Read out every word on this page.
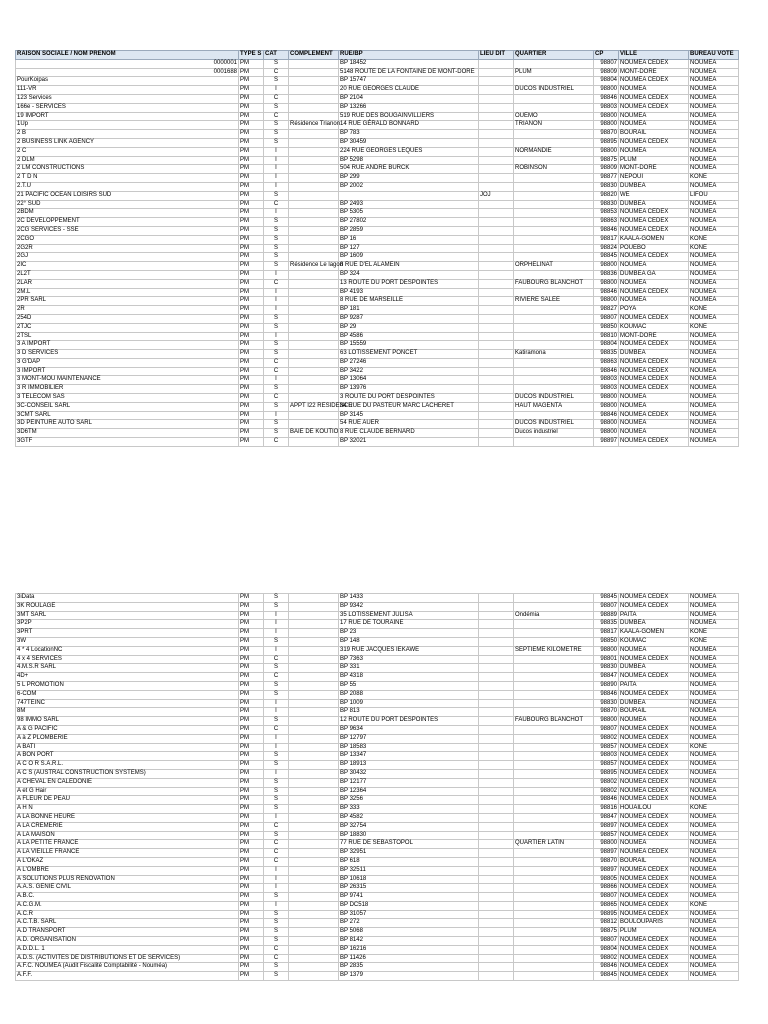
RAISON SOCIALE / NOM PRENOM	TYPE S	CAT	COMPLEMENT	RUE/BP	LIEU DIT	QUARTIER	CP	VILLE	BUREAU VOTE
0000001	PM	S		BP 18452			98807	NOUMEA CEDEX	NOUMEA
0001688	PM	C		5148 ROUTE DE LA FONTAINE DE MONT-DORE		PLUM	98809	MONT-DORE	NOUMEA
PourKoipas	PM	S		BP 15747			98804	NOUMEA CEDEX	NOUMEA
111-VR	PM	I		20 RUE GEORGES CLAUDE		DUCOS INDUSTRIEL	98800	NOUMEA	NOUMEA
123 Services	PM	C		BP 2104			98846	NOUMEA CEDEX	NOUMEA
166e - SERVICES	PM	S		BP 13266			98803	NOUMEA CEDEX	NOUMEA
19 IMPORT	PM	C		519 RUE DES BOUGAINVILLIERS		OUEMO	98800	NOUMEA	NOUMEA
1Up	PM	S	Résidence Trianon	14 RUE GÉRALD BONNARD		TRIANON	98800	NOUMEA	NOUMEA
2 B	PM	S		BP 783			98870	BOURAIL	NOUMEA
2 BUSINESS LINK AGENCY	PM	S		BP 30459			98895	NOUMEA CEDEX	NOUMEA
2 C	PM	I		224 RUE GEORGES LEQUES		NORMANDIE	98800	NOUMEA	NOUMEA
2 DLM	PM	I		BP 5298			98875	PLUM	NOUMEA
2 LM CONSTRUCTIONS	PM	I		504 RUE ANDRE BURCK		ROBINSON	98809	MONT-DORE	NOUMEA
2 T D N	PM	I		BP 299			98877	NEPOUI	KONE
2.T.U	PM	I		BP 2002			98830	DUMBEA	NOUMEA
21 PACIFIC OCEAN LOISIRS SUD	PM	S			JOJ		98820	WE	LIFOU
22° SUD	PM	C		BP 2493			98830	DUMBEA	NOUMEA
2BDM	PM	I		BP 5305			98853	NOUMEA CEDEX	NOUMEA
2C DEVELOPPEMENT	PM	S		BP 27802			98863	NOUMEA CEDEX	NOUMEA
2CG SERVICES - SSE	PM	S		BP 2859			98846	NOUMEA CEDEX	NOUMEA
2CGO	PM	S		BP 16			98817	KAALA-GOMEN	KONE
2G2R	PM	S		BP 127			98824	POUEBO	KONE
2GJ	PM	S		BP 1609			98845	NOUMEA CEDEX	NOUMEA
2IC	PM	S	Résidence Le lagon	8 RUE D'EL ALAMEIN		ORPHELINAT	98800	NOUMEA	NOUMEA
2L2T	PM	I		BP 324			98836	DUMBEA GA	NOUMEA
2LAR	PM	C		13 ROUTE DU PORT DESPOINTES		FAUBOURG BLANCHOT	98800	NOUMEA	NOUMEA
2M.L	PM	I		BP 4193			98846	NOUMEA CEDEX	NOUMEA
2PR SARL	PM	I		8 RUE DE MARSEILLE		RIVIERE SALEE	98800	NOUMEA	NOUMEA
2R	PM	I		BP 181			98827	POYA	KONE
254D	PM	S		BP 9287			98807	NOUMEA CEDEX	NOUMEA
2TJC	PM	S		BP 29			98850	KOUMAC	KONE
2TSL	PM	I		BP 4586			98810	MONT-DORE	NOUMEA
3 A IMPORT	PM	S		BP 15559			98804	NOUMEA CEDEX	NOUMEA
3 D SERVICES	PM	S		63 LOTISSEMENT PONCET		Katiramona	98835	DUMBEA	NOUMEA
3 G'DAP	PM	C		BP 27246			98863	NOUMEA CEDEX	NOUMEA
3 IMPORT	PM	C		BP 3422			98846	NOUMEA CEDEX	NOUMEA
3 MONT-MOU MAINTENANCE	PM	I		BP 13064			98803	NOUMEA CEDEX	NOUMEA
3 R IMMOBILIER	PM	S		BP 13976			98803	NOUMEA CEDEX	NOUMEA
3 TELECOM SAS	PM	C		3 ROUTE DU PORT DESPOINTES		DUCOS INDUSTRIEL	98800	NOUMEA	NOUMEA
3C-CONSEIL SARL	PM	S	APPT I22 RESIDENCE	34 RUE DU PASTEUR MARC LACHERET		HAUT MAGENTA	98800	NOUMEA	NOUMEA
3CMT SARL	PM	I		BP 3145			98846	NOUMEA CEDEX	NOUMEA
3D PEINTURE AUTO SARL	PM	S		54 RUE AUER		DUCOS INDUSTRIEL	98800	NOUMEA	NOUMEA
3D6TM	PM	S	BAIE DE KOUTIO	8 RUE CLAUDE BERNARD		Ducos industriel	98800	NOUMEA	NOUMEA
3GTF	PM	C		BP 32021			98897	NOUMEA CEDEX	NOUMEA
3iData	PM	S		BP 1433			98845	NOUMEA CEDEX	NOUMEA
3K ROULAGE	PM	S		BP 9342			98807	NOUMEA CEDEX	NOUMEA
3MT SARL	PM	I		35 LOTISSEMENT JULISA		Ondémia	98889	PAITA	NOUMEA
3P2P	PM	I		17 RUE DE TOURAINE			98835	DUMBEA	NOUMEA
3PRT	PM	I		BP 23			98817	KAALA-GOMEN	KONE
3W	PM	S		BP 148			98850	KOUMAC	KONE
4 * 4 LocationNC	PM	I		319 RUE JACQUES IEKAWE		SEPTIEME KILOMETRE	98800	NOUMEA	NOUMEA
4 x 4 SERVICES	PM	C		BP 7363			98801	NOUMEA CEDEX	NOUMEA
4.M.S.R SARL	PM	S		BP 331			98830	DUMBEA	NOUMEA
4D+	PM	C		BP 4318			98847	NOUMEA CEDEX	NOUMEA
5 L PROMOTION	PM	S		BP 55			98890	PAITA	NOUMEA
6-COM	PM	S		BP 2088			98846	NOUMEA CEDEX	NOUMEA
747TEINC	PM	I		BP 1009			98830	DUMBEA	NOUMEA
8M	PM	I		BP 813			98870	BOURAIL	NOUMEA
98 IMMO SARL	PM	S		12 ROUTE DU PORT DESPOINTES		FAUBOURG BLANCHOT	98800	NOUMEA	NOUMEA
A & G PACIFIC	PM	C		BP 9634			98807	NOUMEA CEDEX	NOUMEA
A à Z PLOMBERIE	PM	I		BP 12797			98802	NOUMEA CEDEX	NOUMEA
A BATI	PM	I		BP 18583			98857	NOUMEA CEDEX	KONE
A BON PORT	PM	S		BP 13347			98803	NOUMEA CEDEX	NOUMEA
A C O R S.A.R.L.	PM	S		BP 18913			98857	NOUMEA CEDEX	NOUMEA
A C S (AUSTRAL CONSTRUCTION SYSTEMS)	PM	I		BP 30432			98895	NOUMEA CEDEX	NOUMEA
A CHEVAL EN CALEDONIE	PM	S		BP 12177			98802	NOUMEA CEDEX	NOUMEA
A et G Hair	PM	S		BP 12364			98802	NOUMEA CEDEX	NOUMEA
A FLEUR DE PEAU	PM	S		BP 3256			98846	NOUMEA CEDEX	NOUMEA
A H N	PM	S		BP 333			98816	HOUAILOU	KONE
A LA BONNE HEURE	PM	I		BP 4582			98847	NOUMEA CEDEX	NOUMEA
A LA CREMERIE	PM	C		BP 32754			98897	NOUMEA CEDEX	NOUMEA
A LA MAISON	PM	S		BP 18830			98857	NOUMEA CEDEX	NOUMEA
A LA PETITE FRANCE	PM	C		77 RUE DE SEBASTOPOL		QUARTIER LATIN	98800	NOUMEA	NOUMEA
A LA VIEILLE FRANCE	PM	C		BP 32951			98897	NOUMEA CEDEX	NOUMEA
A L'OKAZ	PM	C		BP 618			98870	BOURAIL	NOUMEA
A L'OMBRE	PM	I		BP 32511			98897	NOUMEA CEDEX	NOUMEA
A SOLUTIONS PLUS RENOVATION	PM	I		BP 10618			98805	NOUMEA CEDEX	NOUMEA
A.A.S. GENIE CIVIL	PM	I		BP 26315			98866	NOUMEA CEDEX	NOUMEA
A.B.C.	PM	S		BP 9741			98807	NOUMEA CEDEX	NOUMEA
A.C.G.M.	PM	I		BP DC518			98865	NOUMEA CEDEX	KONE
A.C.R	PM	S		BP 31057			98895	NOUMEA CEDEX	NOUMEA
A.C.T.B. SARL	PM	S		BP 272			98812	BOULOUPARIS	NOUMEA
A.D TRANSPORT	PM	S		BP 5068			98875	PLUM	NOUMEA
A.D. ORGANISATION	PM	S		BP 8142			98807	NOUMEA CEDEX	NOUMEA
A.D.D.L. 1	PM	C		BP 16216			98804	NOUMEA CEDEX	NOUMEA
A.D.S. (ACTIVITES DE DISTRIBUTIONS ET DE SERVICES)	PM	C		BP 11426			98802	NOUMEA CEDEX	NOUMEA
A.F.C. NOUMEA (Audit Fiscalité Comptabilité - Nouméa)	PM	S		BP 2835			98846	NOUMEA CEDEX	NOUMEA
A.F.F.	PM	S		BP 1379			98845	NOUMEA CEDEX	NOUMEA
